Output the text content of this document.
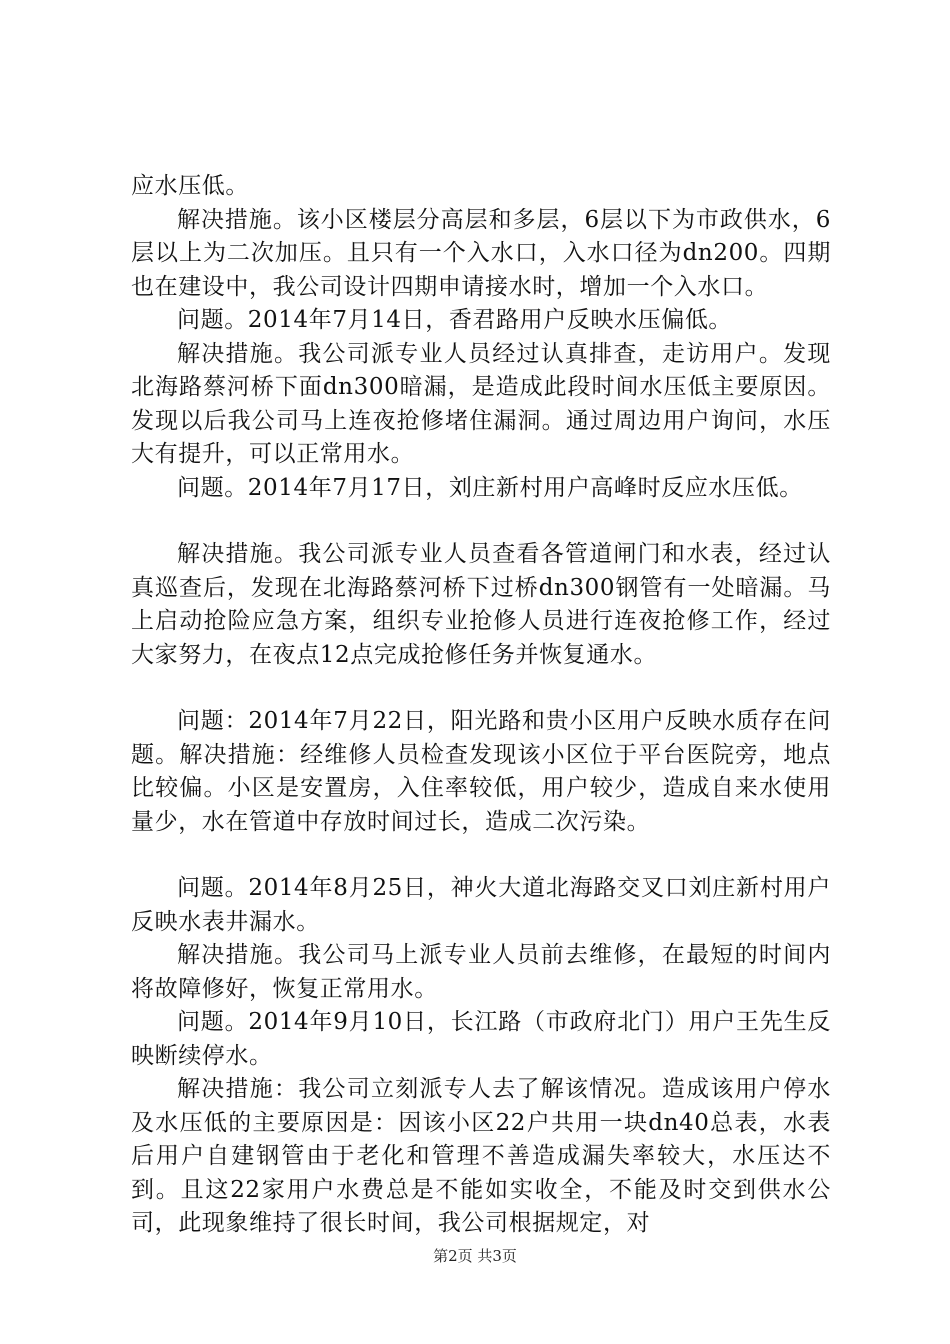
应水压低。

解决措施。该小区楼层分高层和多层，6层以下为市政供水，6层以上为二次加压。且只有一个入水口，入水口径为dn200。四期也在建设中，我公司设计四期申请接水时，增加一个入水口。

问题。2014年7月14日，香君路用户反映水压偏低。

解决措施。我公司派专业人员经过认真排查，走访用户。发现北海路蔡河桥下面dn300暗漏，是造成此段时间水压低主要原因。发现以后我公司马上连夜抢修堵住漏洞。通过周边用户询问，水压大有提升，可以正常用水。

问题。2014年7月17日，刘庄新村用户高峰时反应水压低。

解决措施。我公司派专业人员查看各管道闸门和水表，经过认真巡查后，发现在北海路蔡河桥下过桥dn300钢管有一处暗漏。马上启动抢险应急方案，组织专业抢修人员进行连夜抢修工作，经过大家努力，在夜点12点完成抢修任务并恢复通水。

问题：2014年7月22日，阳光路和贵小区用户反映水质存在问题。解决措施：经维修人员检查发现该小区位于平台医院旁，地点比较偏。小区是安置房，入住率较低，用户较少，造成自来水使用量少，水在管道中存放时间过长，造成二次污染。

问题。2014年8月25日，神火大道北海路交叉口刘庄新村用户反映水表井漏水。

解决措施。我公司马上派专业人员前去维修，在最短的时间内将故障修好，恢复正常用水。

问题。2014年9月10日，长江路（市政府北门）用户王先生反映断续停水。

解决措施：我公司立刻派专人去了解该情况。造成该用户停水及水压低的主要原因是：因该小区22户共用一块dn40总表，水表后用户自建钢管由于老化和管理不善造成漏失率较大，水压达不到。且这22家用户水费总是不能如实收全，不能及时交到供水公司，此现象维持了很长时间，我公司根据规定，对

第2页 共3页
